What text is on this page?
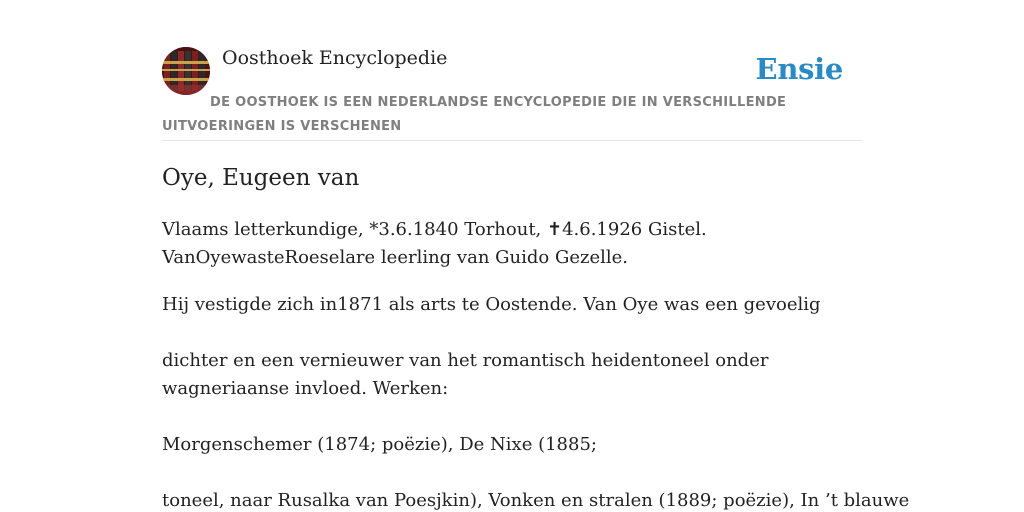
Oosthoek Encyclopedie	Ensie
DE OOSTHOEK IS EEN NEDERLANDSE ENCYCLOPEDIE DIE IN VERSCHILLENDE UITVOERINGEN IS VERSCHENEN
Oye, Eugeen van

Vlaams letterkundige, *3.6.1840 Torhout, ✝4.6.1926 Gistel. VanOyewasteRoeselare leerling van Guido Gezelle.

Hij vestigde zich in1871 als arts te Oostende. Van Oye was een gevoelig

dichter en een vernieuwer van het romantisch heidentoneel onder wagneriaanse invloed. Werken:

Morgenschemer (1874; poëzie), De Nixe (1885;

toneel, naar Rusalka van Poesjkin), Vonken en stralen (1889; poëzie), In ’t blauwe
